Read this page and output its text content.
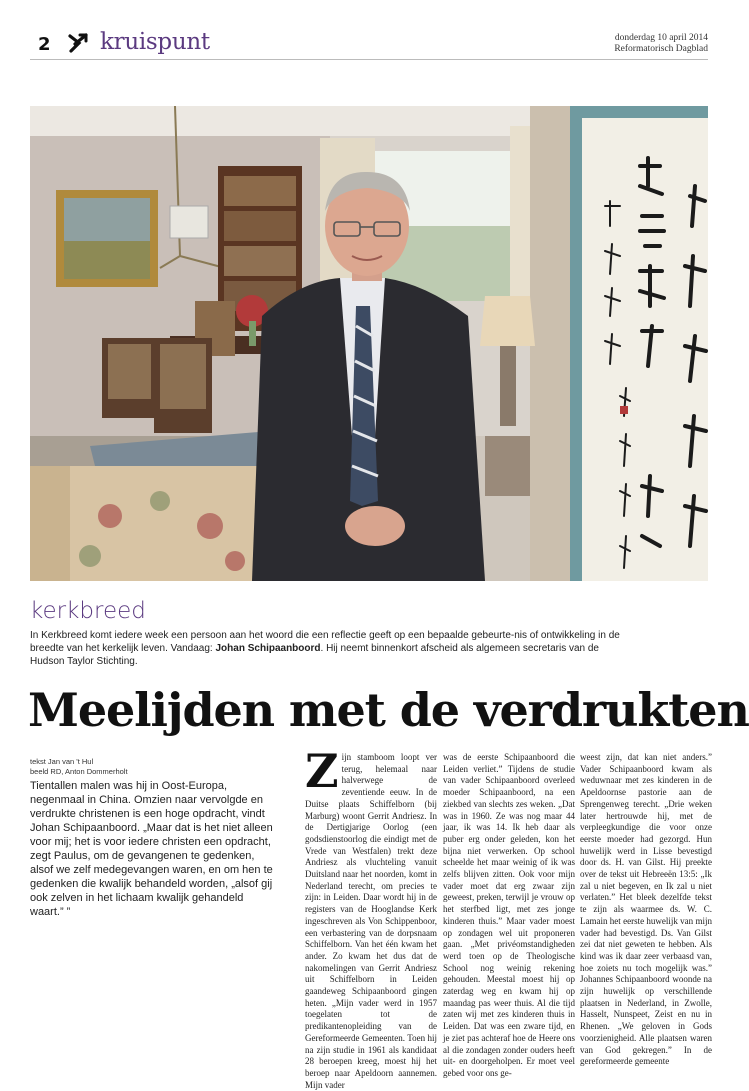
2 kruispunt	donderdag 10 april 2014
Reformatorisch Dagblad
kerkbreed

In Kerkbreed komt iedere week een persoon aan het woord die een reflectie geeft op een bepaalde gebeurte-nis of ontwikkeling in de breedte van het kerkelijk leven. Vandaag: Johan Schipaanboord. Hij neemt binnenkort afscheid als algemeen secretaris van de Hudson Taylor Stichting.

Meelijden met de verdrukten
tekst Jan van 't Hul
beeld RD, Anton Dommerholt

Tientallen malen was hij in Oost-Europa, negenmaal in China. Omzien naar vervolgde en verdrukte christenen is een hoge opdracht, vindt Johan Schipaanboord. „Maar dat is het niet alleen voor mij; het is voor iedere christen een opdracht, zegt Paulus, om de gevangenen te gedenken, alsof we zelf medegevangen waren, en om hen te gedenken die kwalijk behandeld worden, „alsof gij ook zelven in het lichaam kwalijk gehandeld waart.” ”

Zijn stamboom loopt ver terug, helemaal naar halverwege de zeventiende eeuw. In de Duitse plaats Schiffelborn (bij Marburg) woont Gerrit Andriesz. In de Dertigjarige Oorlog (een godsdienstoorlog die eindigt met de Vrede van Westfalen) trekt deze Andriesz als vluchteling vanuit Duitsland naar het noorden, komt in Nederland terecht, om precies te zijn: in Leiden. Daar wordt hij in de registers van de Hooglandse Kerk ingeschreven als Von Schippenboor, een verbastering van de dorpsnaam Schiffelborn. Van het één kwam het ander. Zo kwam het dus dat de nakomelingen van Gerrit Andriesz uit Schiffelborn in Leiden gaandeweg Schipaanboord gingen heten. „Mijn vader werd in 1957 toegelaten tot de predikantenopleiding van de Gereformeerde Gemeenten. Toen hij na zijn studie in 1961 als kandidaat 28 beroepen kreeg, moest hij het beroep naar Apeldoorn aannemen. Mijn vader
was de eerste Schipaanboord die Leiden verliet.” Tijdens de studie van vader Schipaanboord overleed moeder Schipaanboord, na een ziekbed van slechts zes weken. „Dat was in 1960. Ze was nog maar 44 jaar, ik was 14. Ik heb daar als puber erg onder geleden, kon het bijna niet verwerken. Op school scheelde het maar weinig of ik was zelfs blijven zitten. Ook voor mijn vader moet dat erg zwaar zijn geweest, preken, terwijl je vrouw op het sterfbed ligt, met zes jonge kinderen thuis.” Maar vader moest op zondagen wel uit proponeren gaan. „Met privéomstandigheden werd toen op de Theologische School nog weinig rekening gehouden. Meestal moest hij op zaterdag weg en kwam hij op maandag pas weer thuis. Al die tijd zaten wij met zes kinderen thuis in Leiden. Dat was een zware tijd, en je ziet pas achteraf hoe de Heere ons al die zondagen zonder ouders heeft uit- en doorgeholpen. Er moet veel gebed voor ons ge-
weest zijn, dat kan niet anders.” Vader Schipaanboord kwam als weduwnaar met zes kinderen in de Apeldoornse pastorie aan de Sprengenweg terecht. „Drie weken later hertrouwde hij, met de verpleegkundige die voor onze eerste moeder had gezorgd. Hun huwelijk werd in Lisse bevestigd door ds. H. van Gilst. Hij preekte over de tekst uit Hebreeën 13:5: „Ik zal u niet begeven, en Ik zal u niet verlaten.” Het bleek dezelfde tekst te zijn als waarmee ds. W. C. Lamain het eerste huwelijk van mijn vader had bevestigd. Ds. Van Gilst zei dat niet geweten te hebben. Als kind was ik daar zeer verbaasd van, hoe zoiets nu toch mogelijk was.” Johannes Schipaanboord woonde na zijn huwelijk op verschillende plaatsen in Nederland, in Zwolle, Hasselt, Nunspeet, Zeist en nu in Rhenen. „We geloven in Gods voorzienigheid. Alle plaatsen waren van God gekregen.” In de gereformeerde gemeente
